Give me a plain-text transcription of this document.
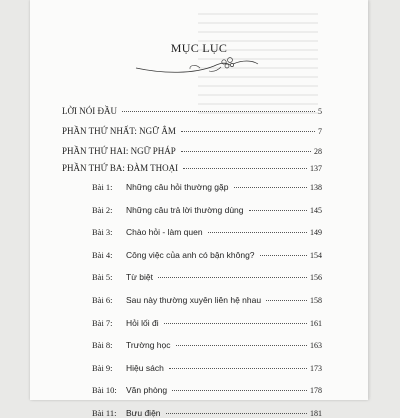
MỤC LỤC
LỜI NÓI ĐẦU	5
PHẦN THỨ NHẤT: NGỮ ÂM	7
PHẦN THỨ HAI: NGỮ PHÁP	28
PHẦN THỨ BA: ĐÀM THOẠI	137
Bài 1:	Những câu hỏi thường gặp	138
Bài 2:	Những câu trả lời thường dùng	145
Bài 3:	Chào hỏi - làm quen	149
Bài 4:	Công việc của anh có bận không?	154
Bài 5:	Từ biệt	156
Bài 6:	Sau này thường xuyên liên hệ nhau	158
Bài 7:	Hỏi lối đi	161
Bài 8:	Trường học	163
Bài 9:	Hiệu sách	173
Bài 10:	Văn phòng	178
Bài 11:	Bưu điện	181
